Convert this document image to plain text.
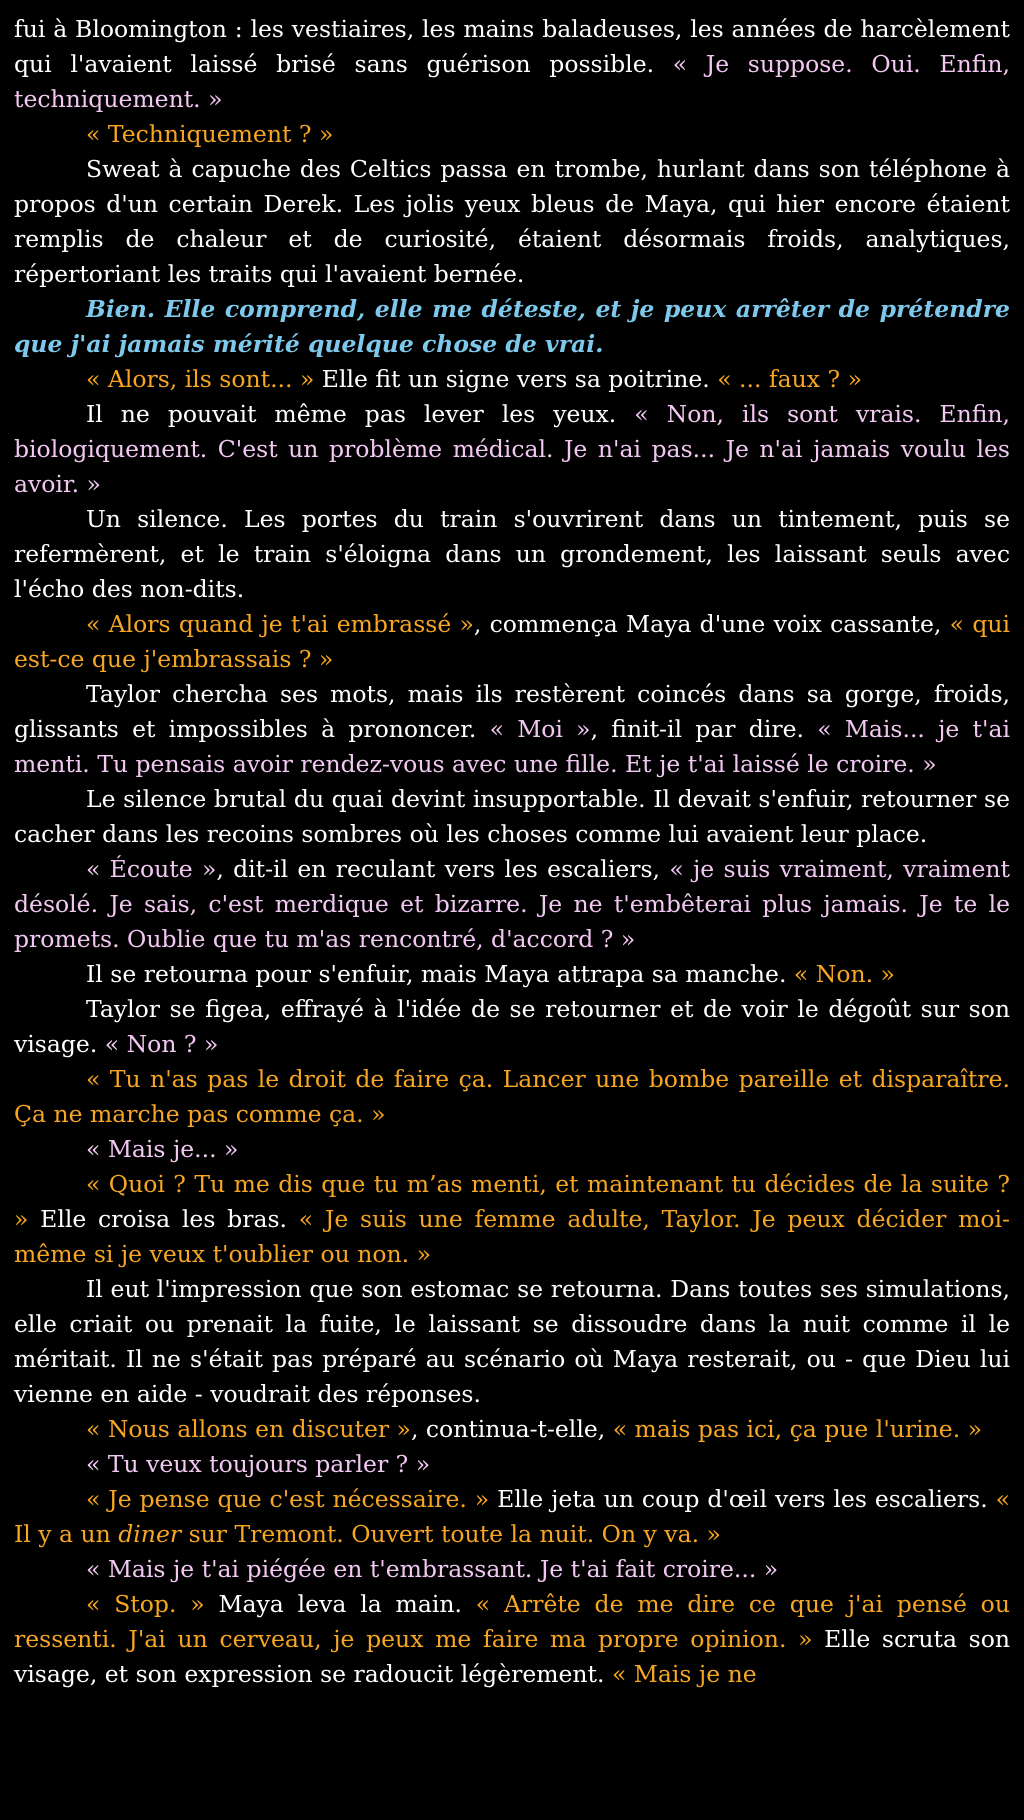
fui à Bloomington : les vestiaires, les mains baladeuses, les années de harcèlement qui l'avaient laissé brisé sans guérison possible. « Je suppose. Oui. Enfin, techniquement. »

« Techniquement ? »

Sweat à capuche des Celtics passa en trombe, hurlant dans son téléphone à propos d'un certain Derek. Les jolis yeux bleus de Maya, qui hier encore étaient remplis de chaleur et de curiosité, étaient désormais froids, analytiques, répertoriant les traits qui l'avaient bernée.

Bien. Elle comprend, elle me déteste, et je peux arrêter de prétendre que j'ai jamais mérité quelque chose de vrai.

« Alors, ils sont... » Elle fit un signe vers sa poitrine. « ... faux ? »

Il ne pouvait même pas lever les yeux. « Non, ils sont vrais. Enfin, biologiquement. C'est un problème médical. Je n'ai pas... Je n'ai jamais voulu les avoir. »

Un silence. Les portes du train s'ouvrirent dans un tintement, puis se refermèrent, et le train s'éloigna dans un grondement, les laissant seuls avec l'écho des non-dits.

« Alors quand je t'ai embrassé », commença Maya d'une voix cassante, « qui est-ce que j'embrassais ? »

Taylor chercha ses mots, mais ils restèrent coincés dans sa gorge, froids, glissants et impossibles à prononcer. « Moi », finit-il par dire. « Mais... je t'ai menti. Tu pensais avoir rendez-vous avec une fille. Et je t'ai laissé le croire. »

Le silence brutal du quai devint insupportable. Il devait s'enfuir, retourner se cacher dans les recoins sombres où les choses comme lui avaient leur place.

« Écoute », dit-il en reculant vers les escaliers, « je suis vraiment, vraiment désolé. Je sais, c'est merdique et bizarre. Je ne t'embêterai plus jamais. Je te le promets. Oublie que tu m'as rencontré, d'accord ? »

Il se retourna pour s'enfuir, mais Maya attrapa sa manche. « Non. »

Taylor se figea, effrayé à l'idée de se retourner et de voir le dégoût sur son visage. « Non ? »

« Tu n'as pas le droit de faire ça. Lancer une bombe pareille et disparaître. Ça ne marche pas comme ça. »

« Mais je... »

« Quoi ? Tu me dis que tu m’as menti, et maintenant tu décides de la suite ? » Elle croisa les bras. « Je suis une femme adulte, Taylor. Je peux décider moi-même si je veux t'oublier ou non. »

Il eut l'impression que son estomac se retourna. Dans toutes ses simulations, elle criait ou prenait la fuite, le laissant se dissoudre dans la nuit comme il le méritait. Il ne s'était pas préparé au scénario où Maya resterait, ou - que Dieu lui vienne en aide - voudrait des réponses.

« Nous allons en discuter », continua-t-elle, « mais pas ici, ça pue l'urine. »

« Tu veux toujours parler ? »

« Je pense que c'est nécessaire. » Elle jeta un coup d'œil vers les escaliers. « Il y a un diner sur Tremont. Ouvert toute la nuit. On y va. »

« Mais je t'ai piégée en t'embrassant. Je t'ai fait croire... »

« Stop. » Maya leva la main. « Arrête de me dire ce que j'ai pensé ou ressenti. J'ai un cerveau, je peux me faire ma propre opinion. » Elle scruta son visage, et son expression se radoucit légèrement. « Mais je ne
